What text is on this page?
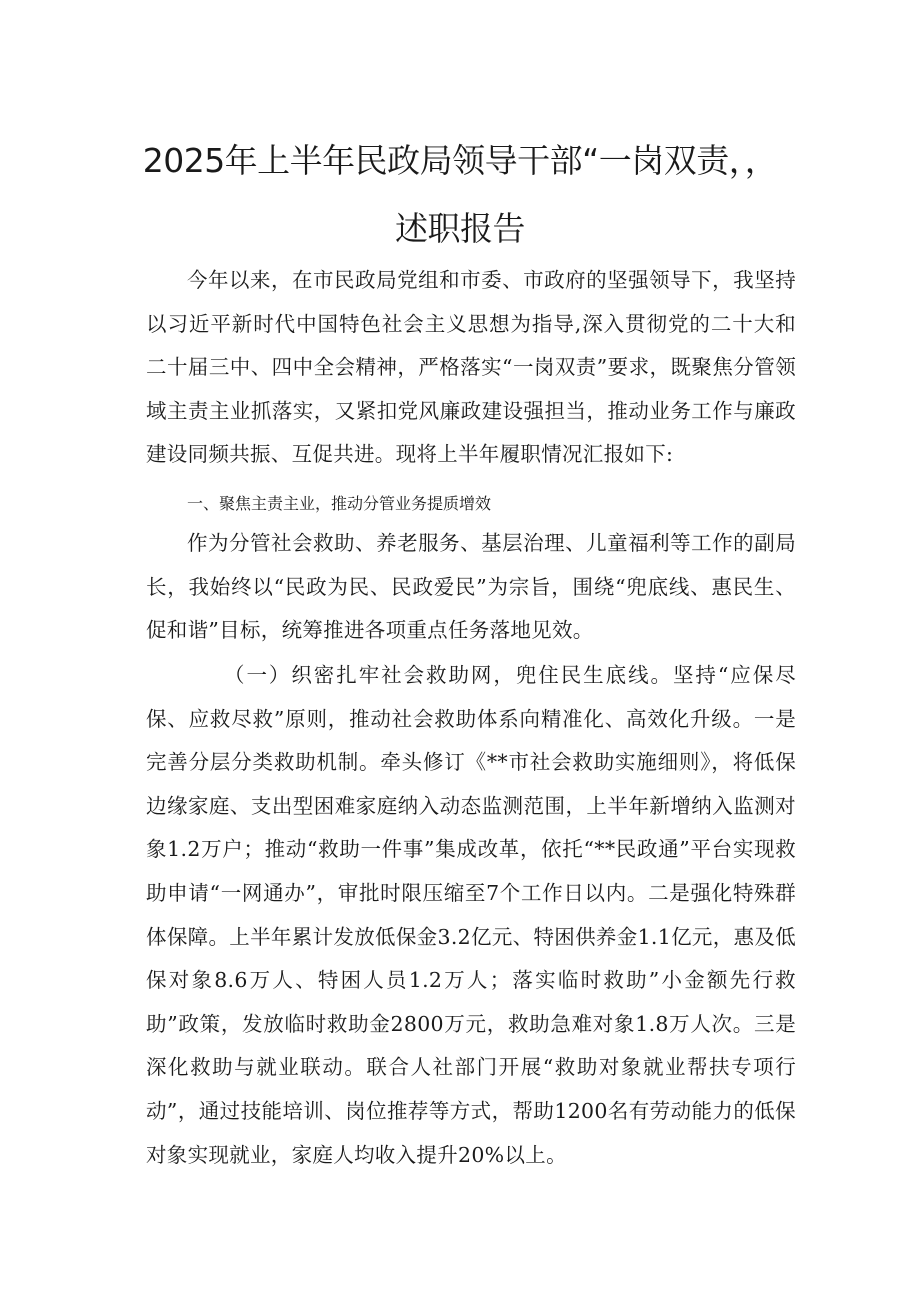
2025年上半年民政局领导干部“一岗双责，，
述职报告

今年以来，在市民政局党组和市委、市政府的坚强领导下，我坚持以习近平新时代中国特色社会主义思想为指导,深入贯彻党的二十大和二十届三中、四中全会精神，严格落实“一岗双责”要求，既聚焦分管领域主责主业抓落实，又紧扣党风廉政建设强担当，推动业务工作与廉政建设同频共振、互促共进。现将上半年履职情况汇报如下:

一、聚焦主责主业，推动分管业务提质增效

作为分管社会救助、养老服务、基层治理、儿童福利等工作的副局长，我始终以“民政为民、民政爱民”为宗旨，围绕“兜底线、惠民生、促和谐”目标，统筹推进各项重点任务落地见效。

（一）织密扎牢社会救助网，兜住民生底线。坚持“应保尽保、应救尽救”原则，推动社会救助体系向精准化、高效化升级。一是完善分层分类救助机制。牵头修订《**市社会救助实施细则》，将低保边缘家庭、支出型困难家庭纳入动态监测范围，上半年新增纳入监测对象1.2万户；推动“救助一件事”集成改革，依托“**民政通”平台实现救助申请“一网通办”，审批时限压缩至7个工作日以内。二是强化特殊群体保障。上半年累计发放低保金3.2亿元、特困供养金1.1亿元，惠及低保对象8.6万人、特困人员1.2万人；落实临时救助”小金额先行救助”政策，发放临时救助金2800万元，救助急难对象1.8万人次。三是深化救助与就业联动。联合人社部门开展“救助对象就业帮扶专项行动”，通过技能培训、岗位推荐等方式，帮助1200名有劳动能力的低保对象实现就业，家庭人均收入提升20%以上。
